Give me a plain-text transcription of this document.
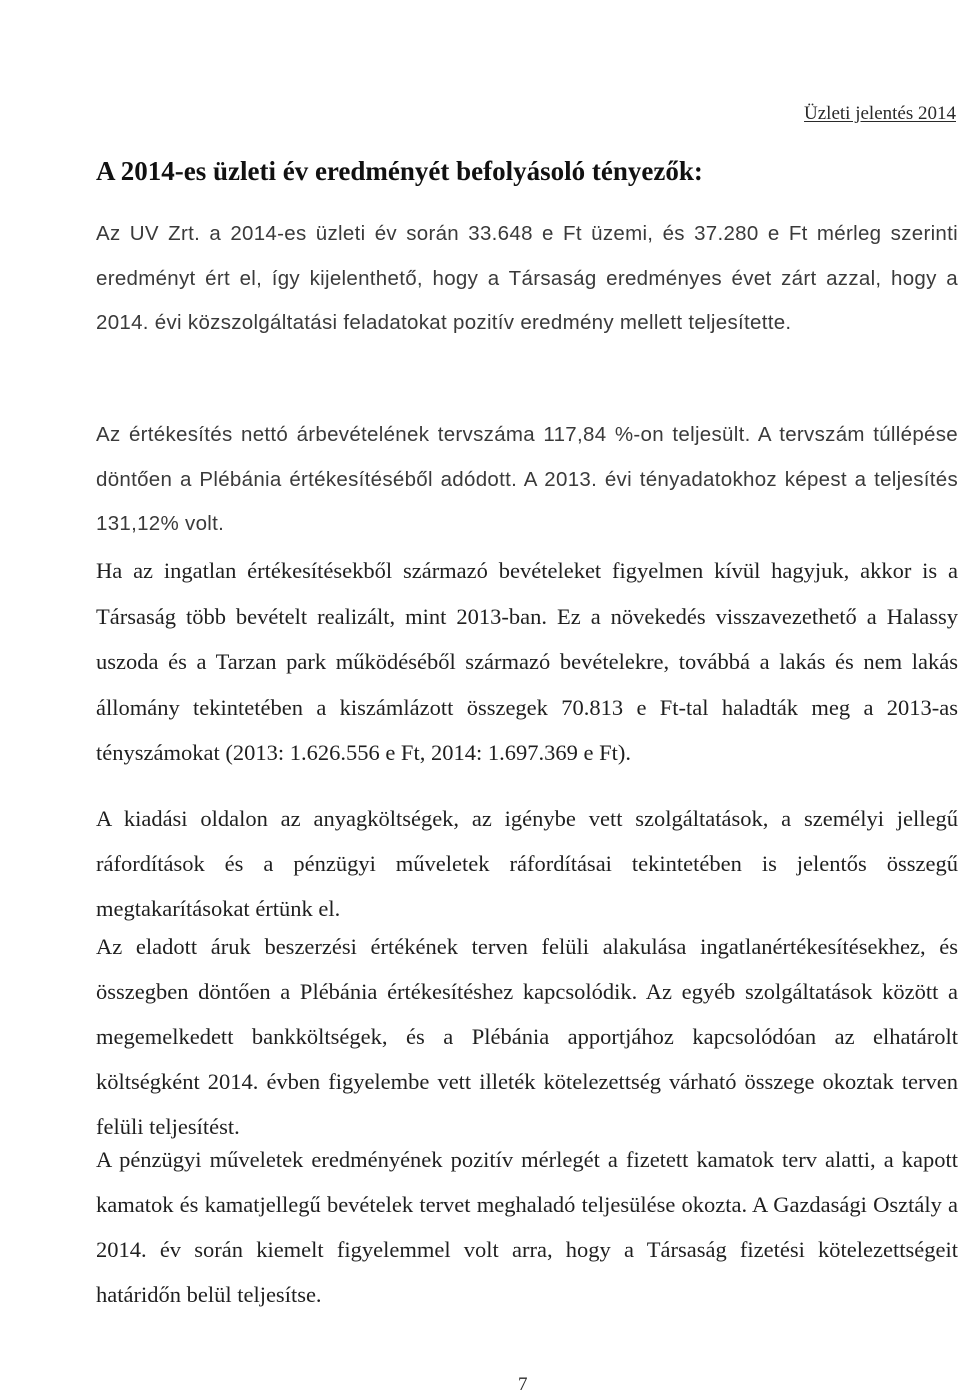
Üzleti jelentés 2014
A 2014-es üzleti év eredményét befolyásoló tényezők:

Az UV Zrt. a 2014-es üzleti év során 33.648 e Ft üzemi, és 37.280 e Ft mérleg szerinti eredményt ért el, így kijelenthető, hogy a Társaság eredményes évet zárt azzal, hogy a 2014. évi közszolgáltatási feladatokat pozitív eredmény mellett teljesítette.

Az értékesítés nettó árbevételének tervszáma 117,84 %-on teljesült. A tervszám túllépése döntően a Plébánia értékesítéséből adódott. A 2013. évi tényadatokhoz képest a teljesítés 131,12% volt.

Ha az ingatlan értékesítésekből származó bevételeket figyelmen kívül hagyjuk, akkor is a Társaság több bevételt realizált, mint 2013-ban. Ez a növekedés visszavezethető a Halassy uszoda és a Tarzan park működéséből származó bevételekre, továbbá a lakás és nem lakás állomány tekintetében a kiszámlázott összegek 70.813 e Ft-tal haladták meg a 2013-as tényszámokat (2013: 1.626.556 e Ft, 2014: 1.697.369 e Ft).

A kiadási oldalon az anyagköltségek, az igénybe vett szolgáltatások, a személyi jellegű ráfordítások és a pénzügyi műveletek ráfordításai tekintetében is jelentős összegű megtakarításokat értünk el.

Az eladott áruk beszerzési értékének terven felüli alakulása ingatlanértékesítésekhez, és összegben döntően a Plébánia értékesítéshez kapcsolódik. Az egyéb szolgáltatások között a megemelkedett bankköltségek, és a Plébánia apportjához kapcsolódóan az elhatárolt költségként 2014. évben figyelembe vett illeték kötelezettség várható összege okoztak terven felüli teljesítést.

A pénzügyi műveletek eredményének pozitív mérlegét a fizetett kamatok terv alatti, a kapott kamatok és kamatjellegű bevételek tervet meghaladó teljesülése okozta. A Gazdasági Osztály a 2014. év során kiemelt figyelemmel volt arra, hogy a Társaság fizetési kötelezettségeit határidőn belül teljesítse.

7
